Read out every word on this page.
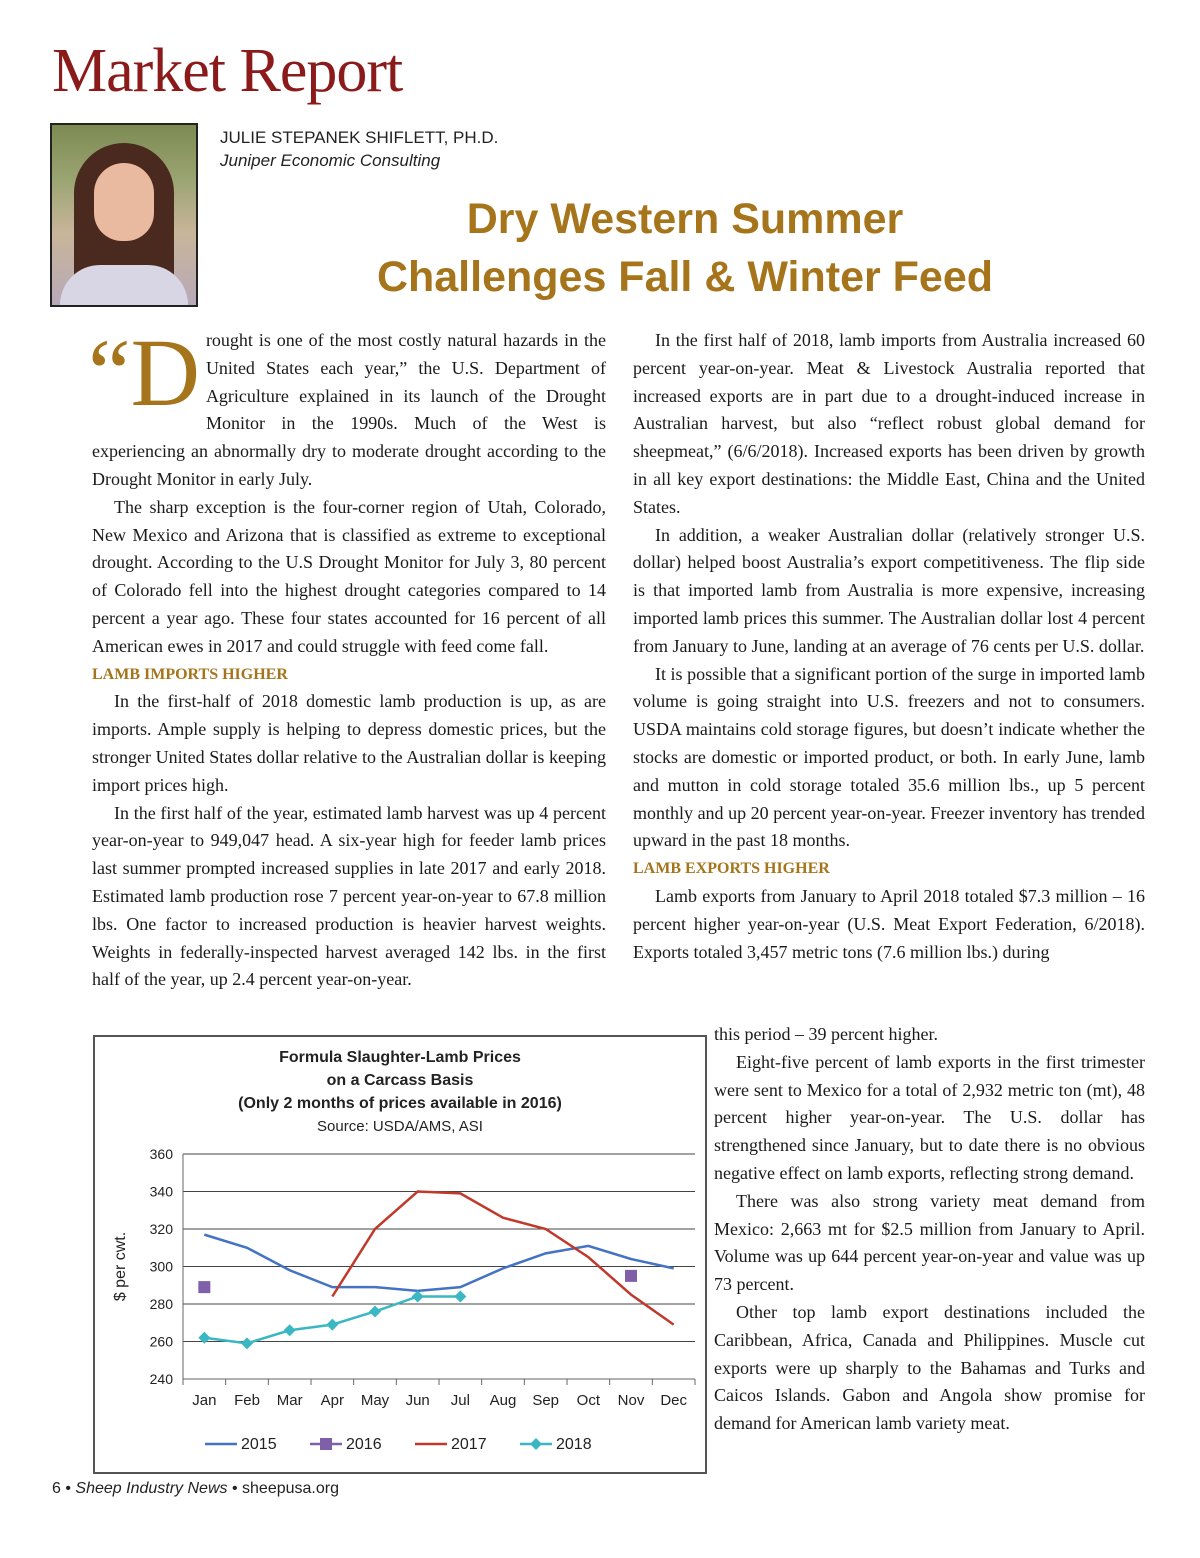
Market Report
JULIE STEPANEK SHIFLETT, PH.D.
Juniper Economic Consulting
Dry Western Summer
Challenges Fall & Winter Feed

“Drought is one of the most costly natural hazards in the United States each year,” the U.S. Department of Agriculture explained in its launch of the Drought Monitor in the 1990s. Much of the West is experiencing an abnormally dry to moderate drought according to the Drought Monitor in early July.

The sharp exception is the four-corner region of Utah, Colorado, New Mexico and Arizona that is classified as extreme to exceptional drought. According to the U.S Drought Monitor for July 3, 80 percent of Colorado fell into the highest drought categories compared to 14 percent a year ago. These four states accounted for 16 percent of all American ewes in 2017 and could struggle with feed come fall.

LAMB IMPORTS HIGHER

In the first-half of 2018 domestic lamb production is up, as are imports. Ample supply is helping to depress domestic prices, but the stronger United States dollar relative to the Australian dollar is keeping import prices high.

In the first half of the year, estimated lamb harvest was up 4 percent year-on-year to 949,047 head. A six-year high for feeder lamb prices last summer prompted increased supplies in late 2017 and early 2018. Estimated lamb production rose 7 percent year-on-year to 67.8 million lbs. One factor to increased production is heavier harvest weights. Weights in federally-inspected harvest averaged 142 lbs. in the first half of the year, up 2.4 percent year-on-year.

In the first half of 2018, lamb imports from Australia increased 60 percent year-on-year. Meat & Livestock Australia reported that increased exports are in part due to a drought-induced increase in Australian harvest, but also “reflect robust global demand for sheepmeat,” (6/6/2018). Increased exports has been driven by growth in all key export destinations: the Middle East, China and the United States.

In addition, a weaker Australian dollar (relatively stronger U.S. dollar) helped boost Australia’s export competitiveness. The flip side is that imported lamb from Australia is more expensive, increasing imported lamb prices this summer. The Australian dollar lost 4 percent from January to June, landing at an average of 76 cents per U.S. dollar.

It is possible that a significant portion of the surge in imported lamb volume is going straight into U.S. freezers and not to consumers. USDA maintains cold storage figures, but doesn’t indicate whether the stocks are domestic or imported product, or both. In early June, lamb and mutton in cold storage totaled 35.6 million lbs., up 5 percent monthly and up 20 percent year-on-year. Freezer inventory has trended upward in the past 18 months.

LAMB EXPORTS HIGHER

Lamb exports from January to April 2018 totaled $7.3 million – 16 percent higher year-on-year (U.S. Meat Export Federation, 6/2018). Exports totaled 3,457 metric tons (7.6 million lbs.) during

this period – 39 percent higher.

Eight-five percent of lamb exports in the first trimester were sent to Mexico for a total of 2,932 metric ton (mt), 48 percent higher year-on-year. The U.S. dollar has strengthened since January, but to date there is no obvious negative effect on lamb exports, reflecting strong demand.

There was also strong variety meat demand from Mexico: 2,663 mt for $2.5 million from January to April. Volume was up 644 percent year-on-year and value was up 73 percent.

Other top lamb export destinations included the Caribbean, Africa, Canada and Philippines. Muscle cut exports were up sharply to the Bahamas and Turks and Caicos Islands. Gabon and Angola show promise for demand for American lamb variety meat.

Formula Slaughter-Lamb Prices
on a Carcass Basis
(Only 2 months of prices available in 2016)
Source: USDA/AMS, ASI
240
260
280
300
320
340
360
Jan Feb Mar Apr May Jun Jul Aug Sep Oct Nov Dec
$ per cwt.
2015	2016	2017	2018
6 • Sheep Industry News • sheepusa.org
